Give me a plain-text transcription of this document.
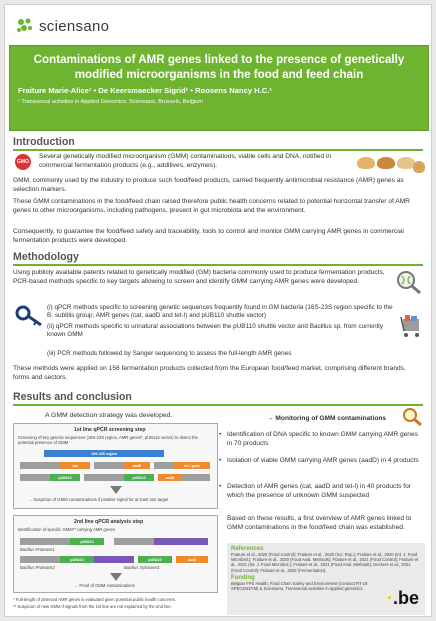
sciensano
Contaminations of AMR genes linked to the presence of genetically modified microorganisms in the food and feed chain
Fraiture Marie-Alice¹ • De Keersmaecker Sigrid¹ • Roosens Nancy H.C.¹
¹ Transversal activities in Applied Genomics, Sciensano, Brussels, Belgium
Introduction
GMO
Several genetically modified microorganism (GMM) contaminations, viable cells and DNA, notified in commercial fermentation products (e.g., additives, enzymes).
GMM, commonly used by the industry to produce such food/feed products, carried frequently antimicrobial resistance (AMR) genes as selection markers.
These GMM contaminations in the food/feed chain raised therefore public health concerns related to potential horizontal transfer of AMR genes to other microorganisms, including pathogens, present in gut microbiota and the environment.
Consequently, to guarantee the food/feed safety and traceability, tools to control and monitor GMM carrying AMR genes in commercial fermentation products were developed.
Methodology
Using publicly available patents related to genetically modified (GM) bacteria commonly used to produce fermentation products, PCR-based methods specific to key targets allowing to screen and identify GMM carrying AMR genes were developed.
(i) qPCR methods specific to screening genetic sequences frequently found in GM bacteria (16S-23S region specific to the B. subtilis group; AMR genes (cat, aadD and tet-l) and pUB110 shuttle vector)
(ii) qPCR methods specific to unnatural associations between the pUB110 shuttle vector and Bacillus sp. from currently known GMM
(iii) PCR methods followed by Sanger sequencing to assess the full-length AMR genes
These methods were applied on 156 fermentation products collected from the European food/feed market, comprising different brands, forms and sectors.
Results and conclusion
A GMM detection strategy was developed.
1st line qPCR screening step
Screening of key genetic sequences (16S-23S region, AMR genes*, pUB110 vector) to detect the potential presence of GMM
16S-23S region
cat	aadD	tet-l gene
pUB110	pUB110	aadD
→ Suspicion of GMM contaminations if positive signal for at least one target
2nd line qPCR analysis step
Identification of specific GMM** carrying AMR genes
pUB110
Bacillus Protease1
pUB110	pUB110	aadD
Bacillus Protease2	Bacillus Xylanase3
→ Proof of GMM contaminations
* Full-length of detected AMR genes is evaluated given potential public health concerns.
** Suspicion of new GMM if signals from the 1st line are not explained by the 2nd line.
→ Monitoring of GMM contaminations
• Identification of DNA specific to known GMM carrying AMR genes in 70 products
• Isolation of viable GMM carrying AMR genes (aadD) in 4 products
• Detection of AMR genes (cat, aadD and tet-l) in 40 products for which the presence of unknown GMM suspected
Based on these results, a first overview of AMR genes linked to GMM contaminations in the food/feed chain was established.
References
Fraiture et al., 2020 (Food Control); Fraiture et al., 2020 (Sci. Rep.); Fraiture et al., 2020 (Int. J. Food Microbiol.); Fraiture et al., 2020 (Food Anal. Methods); Fraiture et al., 2021 (Food Control); Fraiture et al., 2021 (Int. J. Food Microbiol.); Fraiture et al., 2021 (Food Anal. Methods); Deckers et al., 2021 (Food Control); Fraiture et al., 2022 (Fermentation).
Funding
Belgian FPS Health, Food Chain Safety and Environment (contract RT-19 SPECENZYM) & Sciensano, Transversal activities in applied genomics.	·.be
